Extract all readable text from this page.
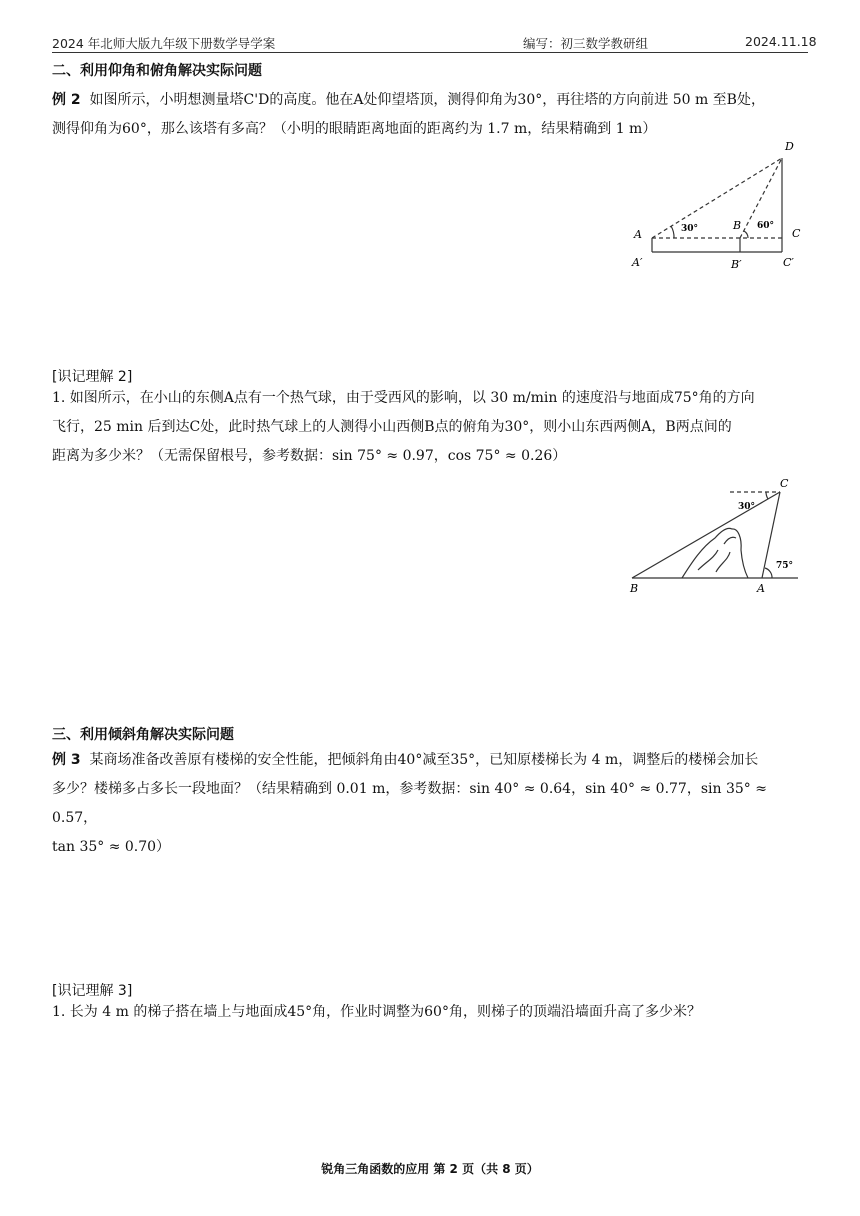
2024 年北师大版九年级下册数学导学案	编写：初三数学教研组	2024.11.18
二、利用仰角和俯角解决实际问题

例 2 如图所示，小明想测量塔C'D的高度。他在A处仰望塔顶，测得仰角为30°，再往塔的方向前进 50 m 至B处，

测得仰角为60°，那么该塔有多高？（小明的眼睛距离地面的距离约为 1.7 m，结果精确到 1 m）

D
A
B
C
A′	B′	C′
30°	60°
[识记理解 2]

1. 如图所示，在小山的东侧A点有一个热气球，由于受西风的影响，以 30 m/min 的速度沿与地面成75°角的方向

飞行，25 min 后到达C处，此时热气球上的人测得小山西侧B点的俯角为30°，则小山东西两侧A，B两点间的

距离为多少米？（无需保留根号，参考数据：sin 75° ≈ 0.97，cos 75° ≈ 0.26）

C
B	A
30°
75°
三、利用倾斜角解决实际问题

例 3 某商场准备改善原有楼梯的安全性能，把倾斜角由40°减至35°，已知原楼梯长为 4 m，调整后的楼梯会加长

多少？楼梯多占多长一段地面？（结果精确到 0.01 m，参考数据：sin 40° ≈ 0.64，sin 40° ≈ 0.77，sin 35° ≈ 0.57，

tan 35° ≈ 0.70）

[识记理解 3]

1. 长为 4 m 的梯子搭在墙上与地面成45°角，作业时调整为60°角，则梯子的顶端沿墙面升高了多少米？

锐角三角函数的应用 第 2 页（共 8 页）
